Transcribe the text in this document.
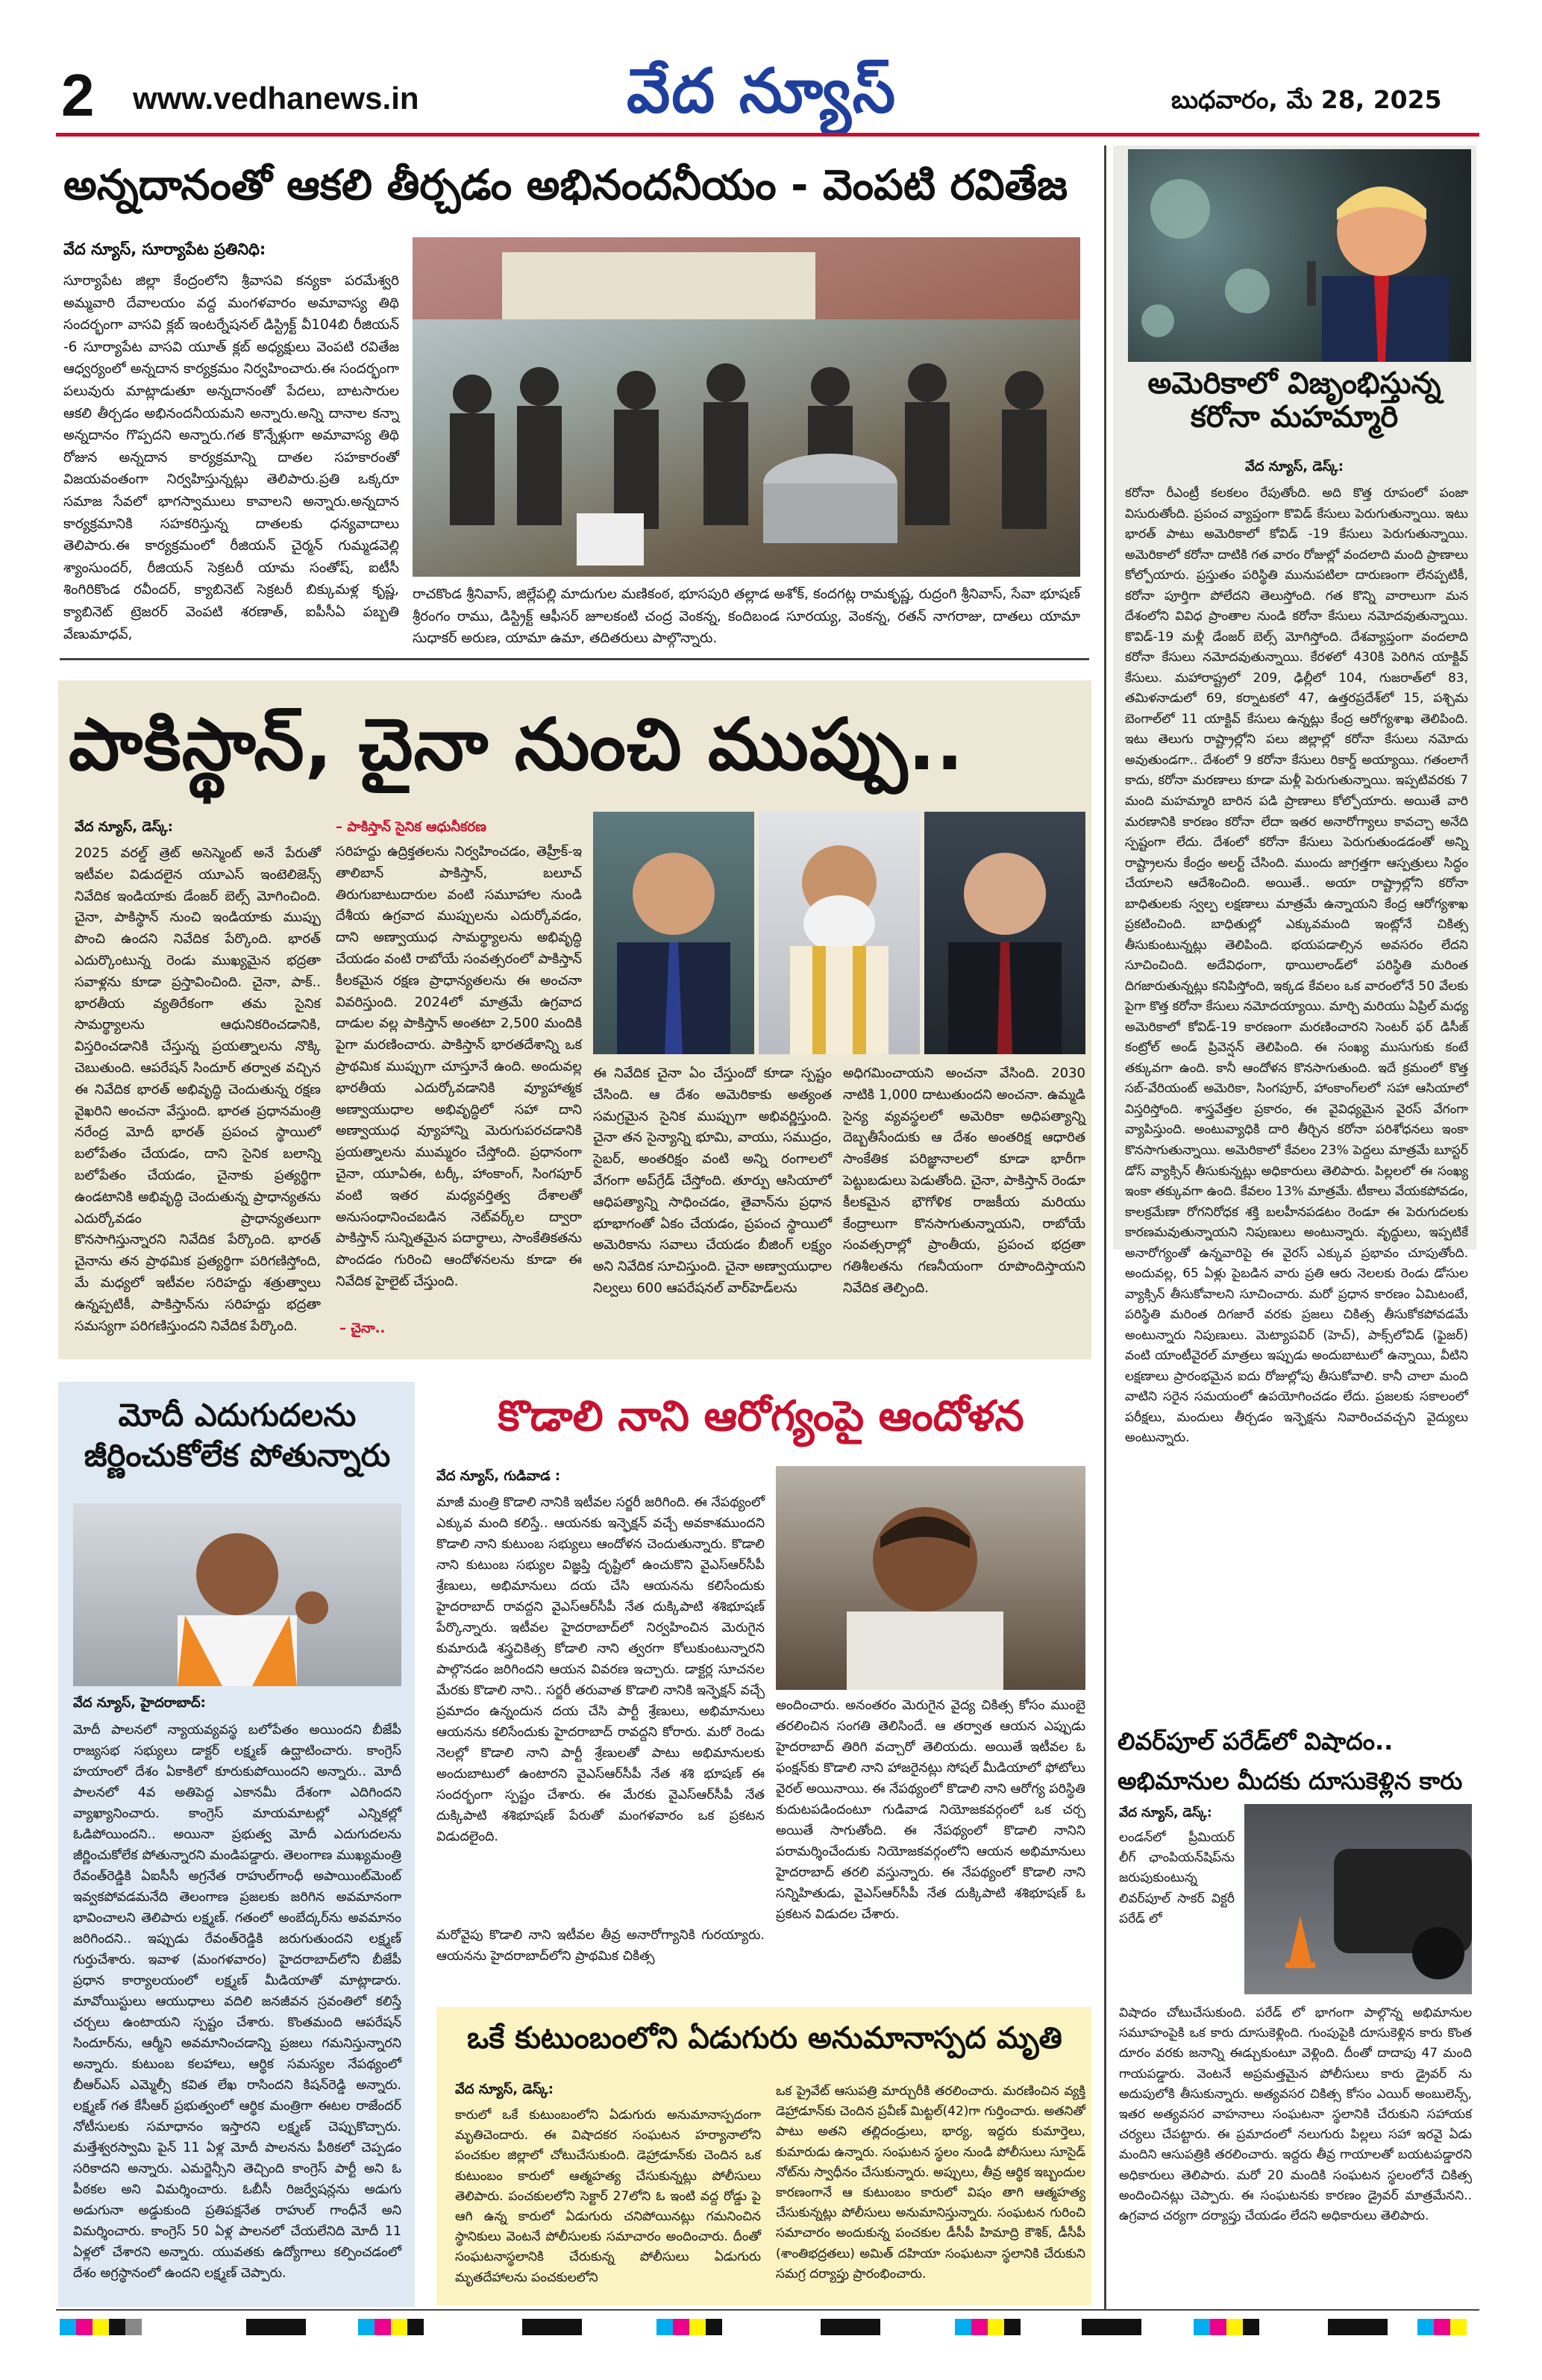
2 www.vedhanews.in	వేద న్యూస్	బుధవారం, మే 28, 2025
అన్నదానంతో ఆకలి తీర్చడం అభినందనీయం - వెంపటి రవితేజ
వేద న్యూస్, సూర్యాపేట ప్రతినిధి:
సూర్యాపేట జిల్లా కేంద్రంలోని శ్రీవాసవి కన్యకా పరమేశ్వరి అమ్మవారి దేవాలయం వద్ద మంగళవారం అమావాస్య తిథి సందర్భంగా వాసవి క్లబ్ ఇంటర్నేషనల్ డిస్ట్రిక్ట్ వీ104బి రీజియన్ -6 సూర్యాపేట వాసవి యూత్ క్లబ్ అధ్యక్షులు వెంపటి రవితేజ ఆధ్వర్యంలో అన్నదాన కార్యక్రమం నిర్వహించారు.ఈ సందర్భంగా పలువురు మాట్లాడుతూ అన్నదానంతో పేదలు, బాటసారుల ఆకలి తీర్చడం అభినందనీయమని అన్నారు.అన్ని దానాల కన్నా అన్నదానం గొప్పదని అన్నారు.గత కొన్నేళ్లుగా అమావాస్య తిథి రోజున అన్నదాన కార్యక్రమాన్ని దాతల సహకారంతో విజయవంతంగా నిర్వహిస్తున్నట్లు తెలిపారు.ప్రతి ఒక్కరూ సమాజ సేవలో భాగస్వాములు కావాలని అన్నారు.అన్నదాన కార్యక్రమానికి సహకరిస్తున్న దాతలకు ధన్యవాదాలు తెలిపారు.ఈ కార్యక్రమంలో రీజియన్ చైర్మన్ గుమ్మడవెల్లి శ్యాంసుందర్, రీజియన్ సెక్రటరీ యామ సంతోష్, ఐటీసీ శింగిరికొండ రవీందర్, క్యాబినెట్ సెక్రటరీ బిక్కుమళ్ల కృష్ణ, క్యాబినెట్ ట్రెజరర్ వెంపటి శరణాత్, ఐపీసీఏ పబ్బతి వేణుమాధవ్,
రాచకొండ శ్రీనివాస్, జిల్లేపల్లి మాదుగుల మణికంఠ, భూసపురి తల్లాడ అశోక్, కందగట్ల రామకృష్ణ, రుద్రంగి శ్రీనివాస్, సేవా భూషణ్ శ్రీరంగం రాము, డిస్ట్రిక్ట్ ఆఫీసర్ జూలకంటి చంద్ర వెంకన్న, కందిబండ సూరయ్య, వెంకన్న, రతన్ నాగరాజు, దాతలు యామా సుధాకర్ అరుణ, యామా ఉమా, తదితరులు పాల్గొన్నారు.
అమెరికాలో విజృంభిస్తున్న కరోనా మహమ్మారి
వేద న్యూస్, డెస్క్:
కరోనా రీఎంట్రీ కలకలం రేపుతోంది. అది కొత్త రూపంలో పంజా విసురుతోంది. ప్రపంచ వ్యాప్తంగా కొవిడ్ కేసులు పెరుగుతున్నాయి. ఇటు భారత్ పాటు అమెరికాలో కోవిడ్ -19 కేసులు పెరుగుతున్నాయి. అమెరికాలో కరోనా దాటికి గత వారం రోజుల్లో వందలాది మంది ప్రాణాలు కోల్పోయారు. ప్రస్తుతం పరిస్థితి మునుపటిలా దారుణంగా లేనప్పటికీ, కరోనా పూర్తిగా పోలేదని తెలుస్తోంది. గత కొన్ని వారాలుగా మన దేశంలోని వివిధ ప్రాంతాల నుండి కరోనా కేసులు నమోదవుతున్నాయి. కొవిడ్-19 మళ్లీ డేంజర్ బెల్స్ మోగిస్తోంది. దేశవ్యాప్తంగా వందలాది కరోనా కేసులు నమోదవుతున్నాయి. కేరళలో 430కి పెరిగిన యాక్టివ్ కేసులు. మహారాష్ట్రలో 209, ఢిల్లీలో 104, గుజరాత్‌లో 83, తమిళనాడులో 69, కర్నాటకలో 47, ఉత్తరప్రదేశ్‌లో 15, పశ్చిమ బెంగాల్‌లో 11 యాక్టివ్ కేసులు ఉన్నట్లు కేంద్ర ఆరోగ్యశాఖ తెలిపింది. ఇటు తెలుగు రాష్ట్రాల్లోని పలు జిల్లాల్లో కరోనా కేసులు నమోదు అవుతుండగా.. దేశంలో 9 కరోనా కేసులు రికార్డ్ అయ్యాయి. గతంలాగే కాదు, కరోనా మరణాలు కూడా మళ్లీ పెరుగుతున్నాయి. ఇప్పటివరకు 7 మంది మహమ్మారి బారిన పడి ప్రాణాలు కోల్పోయారు. అయితే వారి మరణానికి కారణం కరోనా లేదా ఇతర అనారోగ్యాలు కావచ్చా అనేది స్పష్టంగా లేదు. దేశంలో కరోనా కేసులు పెరుగుతుండడంతో అన్ని రాష్ట్రాలను కేంద్రం అలర్ట్ చేసింది. ముందు జాగ్రత్తగా ఆస్పత్రులు సిద్ధం చేయాలని ఆదేశించింది. అయితే.. అయా రాష్ట్రాల్లోని కరోనా బాధితులకు స్వల్ప లక్షణాలు మాత్రమే ఉన్నాయని కేంద్ర ఆరోగ్యశాఖ ప్రకటించింది. బాధితుల్లో ఎక్కువమంది ఇంట్లోనే చికిత్స తీసుకుంటున్నట్లు తెలిపింది. భయపడాల్సిన అవసరం లేదని సూచించింది. అదేవిధంగా, థాయిలాండ్‌లో పరిస్థితి మరింత దిగజారుతున్నట్లు కనిపిస్తోంది, ఇక్కడ కేవలం ఒక వారంలోనే 50 వేలకు పైగా కొత్త కరోనా కేసులు నమోదయ్యాయి. మార్చి మరియు ఏప్రిల్ మధ్య అమెరికాలో కోవిడ్-19 కారణంగా మరణించారని సెంటర్ ఫర్ డిసీజ్ కంట్రోల్ అండ్ ప్రివెన్షన్ తెలిపింది. ఈ సంఖ్య ముసుగుకు కంటే తక్కువగా ఉంది. కానీ ఆందోళన కొనసాగుతుంది. ఇదే క్రమంలో కొత్త సబ్-వేరియంట్ అమెరికా, సింగపూర్, హాంకాంగ్‌లలో సహా ఆసియాలో విస్తరిస్తోంది. శాస్త్రవేత్తల ప్రకారం, ఈ వైవిధ్యమైన వైరస్ వేగంగా వ్యాపిస్తుంది. అంటువ్యాధికి దారి తీర్చిన కరోనా పరిశోధనలు ఇంకా కొనసాగుతున్నాయి. అమెరికాలో కేవలం 23% పెద్దలు మాత్రమే బూస్టర్ డోస్ వ్యాక్సిన్ తీసుకున్నట్లు అధికారులు తెలిపారు. పిల్లలలో ఈ సంఖ్య ఇంకా తక్కువగా ఉంది. కేవలం 13% మాత్రమే. టీకాలు వేయకపోవడం, కాలక్రమేణా రోగనిరోధక శక్తి బలహీనపడటం రెండూ ఈ పెరుగుదలకు కారణమవుతున్నాయని నిపుణులు అంటున్నారు. వృద్ధులు, ఇప్పటికే అనారోగ్యంతో ఉన్నవారిపై ఈ వైరస్ ఎక్కువ ప్రభావం చూపుతోంది. అందువల్ల, 65 ఏళ్లు పైబడిన వారు ప్రతి ఆరు నెలలకు రెండు డోసుల వ్యాక్సిన్ తీసుకోవాలని సూచించారు. మరో ప్రధాన కారణం ఏమిటంటే, పరిస్థితి మరింత దిగజారే వరకు ప్రజలు చికిత్స తీసుకోకపోవడమే అంటున్నారు నిపుణులు. మెట్యాపవిర్ (హెచ్), పాక్స్‌లోవిడ్ (ఫైజర్) వంటి యాంటీవైరల్ మాత్రలు ఇప్పుడు అందుబాటులో ఉన్నాయి, వీటిని లక్షణాలు ప్రారంభమైన ఐదు రోజుల్లోపు తీసుకోవాలి. కానీ చాలా మంది వాటిని సరైన సమయంలో ఉపయోగించడం లేదు. ప్రజలకు సకాలంలో పరీక్షలు, మందులు తీర్చడం ఇన్ఫెక్షను నివారించవచ్చని వైద్యులు అంటున్నారు.
పాకిస్థాన్, చైనా నుంచి ముప్పు..
వేద న్యూస్, డెస్క్:
2025 వరల్డ్ త్రెట్ అసెస్మెంట్ అనే పేరుతో ఇటీవల విడుదలైన యూఎస్ ఇంటెలిజెన్స్ నివేదిక ఇండియాకు డేంజర్ బెల్స్ మోగించింది. చైనా, పాకిస్థాన్ నుంచి ఇండియాకు ముప్పు పొంచి ఉందని నివేదిక పేర్కొంది. భారత్ ఎదుర్కొంటున్న రెండు ముఖ్యమైన భద్రతా సవాళ్లను కూడా ప్రస్తావించింది. చైనా, పాక్.. భారతీయ వ్యతిరేకంగా తమ సైనిక సామర్థ్యాలను ఆధునికరించడానికి, విస్తరించడానికి చేస్తున్న ప్రయత్నాలను నొక్కి చెబుతుంది. ఆపరేషన్ సిందూర్ తర్వాత వచ్చిన ఈ నివేదిక భారత్ అభివృద్ధి చెందుతున్న రక్షణ వైఖరిని అంచనా వేస్తుంది. భారత ప్రధానమంత్రి నరేంద్ర మోదీ భారత్ ప్రపంచ స్థాయిలో బలోపేతం చేయడం, దాని సైనిక బలాన్ని బలోపేతం చేయడం, చైనాకు ప్రత్యర్థిగా ఉండటానికి అభివృద్ధి చెందుతున్న ప్రాధాన్యతను ఎదుర్కోవడం ప్రాధాన్యతలుగా కొనసాగిస్తున్నారని నివేదిక పేర్కొంది. భారత్ చైనాను తన ప్రాథమిక ప్రత్యర్థిగా పరిగణిస్తోంది, మే మధ్యలో ఇటీవల సరిహద్దు శత్రుత్వాలు ఉన్నప్పటికీ, పాకిస్తాన్‌ను సరిహద్దు భద్రతా సమస్యగా పరిగణిస్తుందని నివేదిక పేర్కొంది.
– పాకిస్తాన్ సైనిక ఆధునీకరణ
సరిహద్దు ఉద్రిక్తతలను నిర్వహించడం, తెహ్రీక్-ఇ తాలిబాన్ పాకిస్తాన్, బలూచ్ తిరుగుబాటుదారుల వంటి సమూహాల నుండి దేశీయ ఉగ్రవాద ముప్పులను ఎదుర్కోవడం, దాని అణ్వాయుధ సామర్థ్యాలను అభివృద్ధి చేయడం వంటి రాబోయే సంవత్సరంలో పాకిస్తాన్ కీలకమైన రక్షణ ప్రాధాన్యతలను ఈ అంచనా వివరిస్తుంది. 2024లో మాత్రమే ఉగ్రవాద దాడుల వల్ల పాకిస్తాన్ అంతటా 2,500 మందికి పైగా మరణించారు. పాకిస్తాన్ భారతదేశాన్ని ఒక ప్రాథమిక ముప్పుగా చూస్తూనే ఉంది. అందువల్ల భారతీయ ఎదుర్కోవడానికి వ్యూహాత్మక అణ్వాయుధాల అభివృద్ధిలో సహా దాని అణ్వాయుధ వ్యూహాన్ని మెరుగుపరచడానికి ప్రయత్నాలను ముమ్మరం చేస్తోంది. ప్రధానంగా చైనా, యూఏఈ, టర్కీ, హాంకాంగ్, సింగపూర్ వంటి ఇతర మధ్యవర్తిత్వ దేశాలతో అనుసంధానించబడిన నెట్‌వర్క్‌ల ద్వారా పాకిస్తాన్ సున్నితమైన పదార్థాలు, సాంకేతికతను పొందడం గురించి ఆందోళనలను కూడా ఈ నివేదిక హైలైట్ చేస్తుంది.
– చైనా..
ఈ నివేదిక చైనా ఏం చేస్తుందో కూడా స్పష్టం చేసింది. ఆ దేశం అమెరికాకు అత్యంత సమగ్రమైన సైనిక ముప్పుగా అభివర్ణిస్తుంది. చైనా తన సైన్యాన్ని భూమి, వాయు, సముద్రం, సైబర్, అంతరిక్షం వంటి అన్ని రంగాలలో వేగంగా అప్‌గ్రేడ్ చేస్తోంది. తూర్పు ఆసియాలో ఆధిపత్యాన్ని సాధించడం, తైవాన్‌ను ప్రధాన భూభాగంతో ఏకం చేయడం, ప్రపంచ స్థాయిలో అమెరికాను సవాలు చేయడం బీజింగ్ లక్ష్యం అని నివేదిక సూచిస్తుంది. చైనా అణ్వాయుధాల నిల్వలు 600 ఆపరేషనల్ వార్‌హెడ్‌లను
అధిగమించాయని అంచనా వేసింది. 2030 నాటికి 1,000 దాటుతుందని అంచనా. ఉమ్మడి సైన్య వ్యవస్థలలో అమెరికా అధిపత్యాన్ని దెబ్బతీసేందుకు ఆ దేశం అంతరిక్ష ఆధారిత సాంకేతిక పరిజ్ఞానాలలో కూడా భారీగా పెట్టుబడులు పెడుతోంది. చైనా, పాకిస్తాన్ రెండూ కీలకమైన భౌగోళిక రాజకీయ మరియు కేంద్రాలుగా కొనసాగుతున్నాయని, రాబోయే సంవత్సరాల్లో ప్రాంతీయ, ప్రపంచ భద్రతా గతిశీలతను గణనీయంగా రూపొందిస్తాయని నివేదిక తెల్పింది.
మోదీ ఎదుగుదలను జీర్ణించుకోలేక పోతున్నారు
వేద న్యూస్, హైదరాబాద్:
మోదీ పాలనలో న్యాయవ్యవస్థ బలోపేతం అయిందని బీజేపీ రాజ్యసభ సభ్యులు డాక్టర్ లక్ష్మణ్ ఉద్ఘాటించారు. కాంగ్రెస్ హయాంలో దేశం ఏకాకిలో కూరుకుపోయిందని అన్నారు.. మోదీ పాలనలో 4వ అతిపెద్ద ఎకానమీ దేశంగా ఎదిగిందని వ్యాఖ్యానించారు. కాంగ్రెస్ మాయమాటల్లో ఎన్నికల్లో ఓడిపోయిందని.. అయినా ప్రభుత్వ మోదీ ఎదుగుదలను జీర్ణించుకోలేక పోతున్నారని మండిపడ్డారు. తెలంగాణ ముఖ్యమంత్రి రేవంత్‌రెడ్డికి ఏఐసీసీ అగ్రనేత రాహుల్‌గాంధీ అపాయింట్‌మెంట్ ఇవ్వకపోవడమనేది తెలంగాణ ప్రజలకు జరిగిన అవమానంగా భావించాలని తెలిపారు లక్ష్మణ్. గతంలో అంబేద్కర్‌ను అవమానం జరిగిందని.. ఇప్పుడు రేవంత్‌రెడ్డికి జరుగుతుందని లక్ష్మణ్ గుర్తుచేశారు. ఇవాళ (మంగళవారం) హైదరాబాద్‌లోని బీజేపీ ప్రధాన కార్యాలయంలో లక్ష్మణ్ మీడియాతో మాట్లాడారు. మావోయిస్టులు ఆయుధాలు వదిలి జనజీవన స్రవంతిలో కలిస్తే చర్చలు ఉంటాయని స్పష్టం చేశారు. కొంతమంది ఆపరేషన్ సిందూర్‌ను, ఆర్మీని అవమానించడాన్ని ప్రజలు గమనిస్తున్నారని అన్నారు. కుటుంబ కలహాలు, ఆర్థిక సమస్యల నేపథ్యంలో బీఆర్ఎస్ ఎమ్మెల్సీ కవిత లేఖ రాసిందని కిషన్‌రెడ్డి అన్నారు. లక్ష్మణ్ గత కేసీఆర్ ప్రభుత్వంలో ఆర్థిక మంత్రిగా ఈటల రాజేందర్ నోటీసులకు సమాధానం ఇస్తారని లక్ష్మణ్ చెప్పుకొచ్చారు. మత్తేశ్వరస్వామి పైన్ 11 ఏళ్ల మోదీ పాలనను పీఠికలో చెప్పడం సరికాదని అన్నారు. ఎమర్జెన్సీని తెచ్చింది కాంగ్రెస్ పార్టీ అని ఓ పీఠకల అని విమర్శించారు. ఓబీసీ రిజర్వేషన్లను అడుగు అడుగునా అడ్డుకుంది ప్రతిపక్షనేత రాహుల్ గాంధీనే అని విమర్శించారు. కాంగ్రెస్ 50 ఏళ్ల పాలనలో చేయలేనిది మోదీ 11 ఏళ్లలో చేశారని అన్నారు. యువతకు ఉద్యోగాలు కల్పించడంలో దేశం అగ్రస్థానంలో ఉందని లక్ష్మణ్ చెప్పారు.
కొడాలి నాని ఆరోగ్యంపై ఆందోళన
వేద న్యూస్, గుడివాడ :
మాజీ మంత్రి కొడాలి నానికి ఇటీవల సర్జరీ జరిగింది. ఈ నేపథ్యంలో ఎక్కువ మంది కలిస్తే.. ఆయనకు ఇన్ఫెక్షన్ వచ్చే అవకాశముందని కొడాలి నాని కుటుంబ సభ్యులు ఆందోళన చెందుతున్నారు. కొడాలి నాని కుటుంబ సభ్యుల విజ్ఞప్తి దృష్టిలో ఉంచుకొని వైఎస్ఆర్‌సీపీ శ్రేణులు, అభిమానులు దయ చేసి ఆయనను కలిసేందుకు హైదరాబాద్ రావద్దని వైఎస్ఆర్‌సీపీ నేత దుక్కిపాటి శశిభూషణ్ పేర్కొన్నారు. ఇటీవల హైదరాబాద్‌లో నిర్వహించిన మెరుగైన కుమారుడి శస్త్రచికిత్స కోడాలి నాని త్వరగా కోలుకుంటున్నారని పాల్గొనడం జరిగిందని ఆయన వివరణ ఇచ్చారు. డాక్టర్ల సూచనల మేరకు కొడాలి నాని.. సర్జరీ తరువాత కొడాలి నానికి ఇన్ఫెక్షన్ వచ్చే ప్రమాదం ఉన్నందున దయ చేసి పార్టీ శ్రేణులు, అభిమానులు ఆయనను కలిసేందుకు హైదరాబాద్ రావద్దని కోరారు. మరో రెండు నెలల్లో కొడాలి నాని పార్టీ శ్రేణులతో పాటు అభిమానులకు అందుబాటులో ఉంటారని వైఎస్ఆర్‌సీపీ నేత శశి భూషణ్ ఈ సందర్భంగా స్పష్టం చేశారు. ఈ మేరకు వైఎస్ఆర్‌సీపీ నేత దుక్కిపాటి శశిభూషణ్ పేరుతో మంగళవారం ఒక ప్రకటన విడుదలైంది.
మరోవైపు కొడాలి నాని ఇటీవల తీవ్ర అనారోగ్యానికి గురయ్యారు. ఆయనను హైదరాబాద్‌లోని ప్రాథమిక చికిత్స
అందించారు. అనంతరం మెరుగైన వైద్య చికిత్స కోసం ముంబై తరలించిన సంగతి తెలిసిందే. ఆ తర్వాత ఆయన ఎప్పుడు హైదరాబాద్ తిరిగి వచ్చారో తెలియదు. అయితే ఇటీవల ఓ ఫంక్షన్‌కు కొడాలి నాని హాజరైనట్లు సోషల్ మీడియాలో ఫోటోలు వైరల్ అయినాయి. ఈ నేపథ్యంలో కొడాలి నాని ఆరోగ్య పరిస్థితి కుదుటపడిందంటూ గుడివాడ నియోజకవర్గంలో ఒక చర్చ అయితే సాగుతోంది. ఈ నేపథ్యంలో కొడాలి నానిని పరామర్శించేందుకు నియోజకవర్గంలోని ఆయన అభిమానులు హైదరాబాద్ తరలి వస్తున్నారు. ఈ నేపథ్యంలో కొడాలి నాని సన్నిహితుడు, వైఎస్ఆర్‌సీపీ నేత దుక్కిపాటి శశిభూషణ్ ఓ ప్రకటన విడుదల చేశారు.
ఒకే కుటుంబంలోని ఏడుగురు అనుమానాస్పద మృతి
వేద న్యూస్, డెస్క్:
కారులో ఒకే కుటుంబంలోని ఏడుగురు అనుమానాస్పదంగా మృతిచెందారు. ఈ విషాదకర సంఘటన హర్యానాలోని పంచకుల జిల్లాలో చోటుచేసుకుంది. డెహ్రాడూన్‌కు చెందిన ఒక కుటుంబం కారులో ఆత్మహత్య చేసుకున్నట్లు పోలీసులు తెలిపారు. పంచకులలోని సెక్టార్ 27లోని ఓ ఇంటి వద్ద రోడ్డు పై ఆగి ఉన్న కారులో ఏడుగురు చనిపోయినట్లు గమనించిన స్థానికులు వెంటనే పోలీసులకు సమాచారం అందించారు. దీంతో సంఘటనాస్థలానికి చేరుకున్న పోలీసులు ఏడుగురు మృతదేహాలను పంచకులలోని
ఒక ప్రైవేట్ ఆసుపత్రి మార్చురీకి తరలించారు. మరణించిన వ్యక్తి డెహ్రాడూన్‌కు చెందిన ప్రవీణ్ మిట్టల్(42)గా గుర్తించారు. అతనితో పాటు అతని తల్లిదండ్రులు, భార్య, ఇద్దరు కుమార్తెలు, కుమారుడు ఉన్నారు. సంఘటన స్థలం నుండి పోలీసులు సూసైడ్ నోట్‌ను స్వాధీనం చేసుకున్నారు. అప్పులు, తీవ్ర ఆర్థిక ఇబ్బందుల కారణంగానే ఆ కుటుంబం కారులో విషం తాగి ఆత్మహత్య చేసుకున్నట్లు పోలీసులు అనుమానిస్తున్నారు. సంఘటన గురించి సమాచారం అందుకున్న పంచకుల డీసీపీ హిమాద్రి కౌశిక్, డీసీపీ (శాంతిభద్రతలు) అమిత్ దహియా సంఘటనా స్థలానికి చేరుకుని సమగ్ర దర్యాప్తు ప్రారంభించారు.
లివర్‌పూల్ పరేడ్‌లో విషాదం.. అభిమానుల మీదకు దూసుకెళ్లిన కారు
వేద న్యూస్, డెస్క్:
లండన్‌లో ప్రీమియర్ లీగ్ ఛాంపియన్‌షిప్‌ను జరుపుకుంటున్న లివర్‌పూల్ సాకర్ విక్టరీ పరేడ్ లో
విషాదం చోటుచేసుకుంది. పరేడ్ లో భాగంగా పాల్గొన్న అభిమానుల సమూహంపైకి ఒక కారు దూసుకెళ్లింది. గుంపుపైకి దూసుకెళ్లిన కారు కొంత దూరం వరకు జనాన్ని ఈడ్చుకుంటూ వెళ్లింది. దీంతో దాదాపు 47 మంది గాయపడ్డారు. వెంటనే అప్రమత్తమైన పోలీసులు కారు డ్రైవర్ ను అదుపులోకి తీసుకున్నారు. అత్యవసర చికిత్స కోసం ఎయిర్ అంబులెన్స్, ఇతర అత్యవసర వాహనాలు సంఘటనా స్థలానికి చేరుకుని సహాయక చర్యలు చేపట్టారు. ఈ ప్రమాదంలో నలుగురు పిల్లలు సహా ఇరవై ఏడు మందిని ఆసుపత్రికి తరలించారు. ఇద్దరు తీవ్ర గాయాలతో బయటపడ్డారని అధికారులు తెలిపారు. మరో 20 మందికి సంఘటన స్థలంలోనే చికిత్స అందించినట్లు చెప్పారు. ఈ సంఘటనకు కారణం డ్రైవర్ మాత్రమేనని.. ఉగ్రవాద చర్యగా దర్యాప్తు చేయడం లేదని అధికారులు తెలిపారు.
